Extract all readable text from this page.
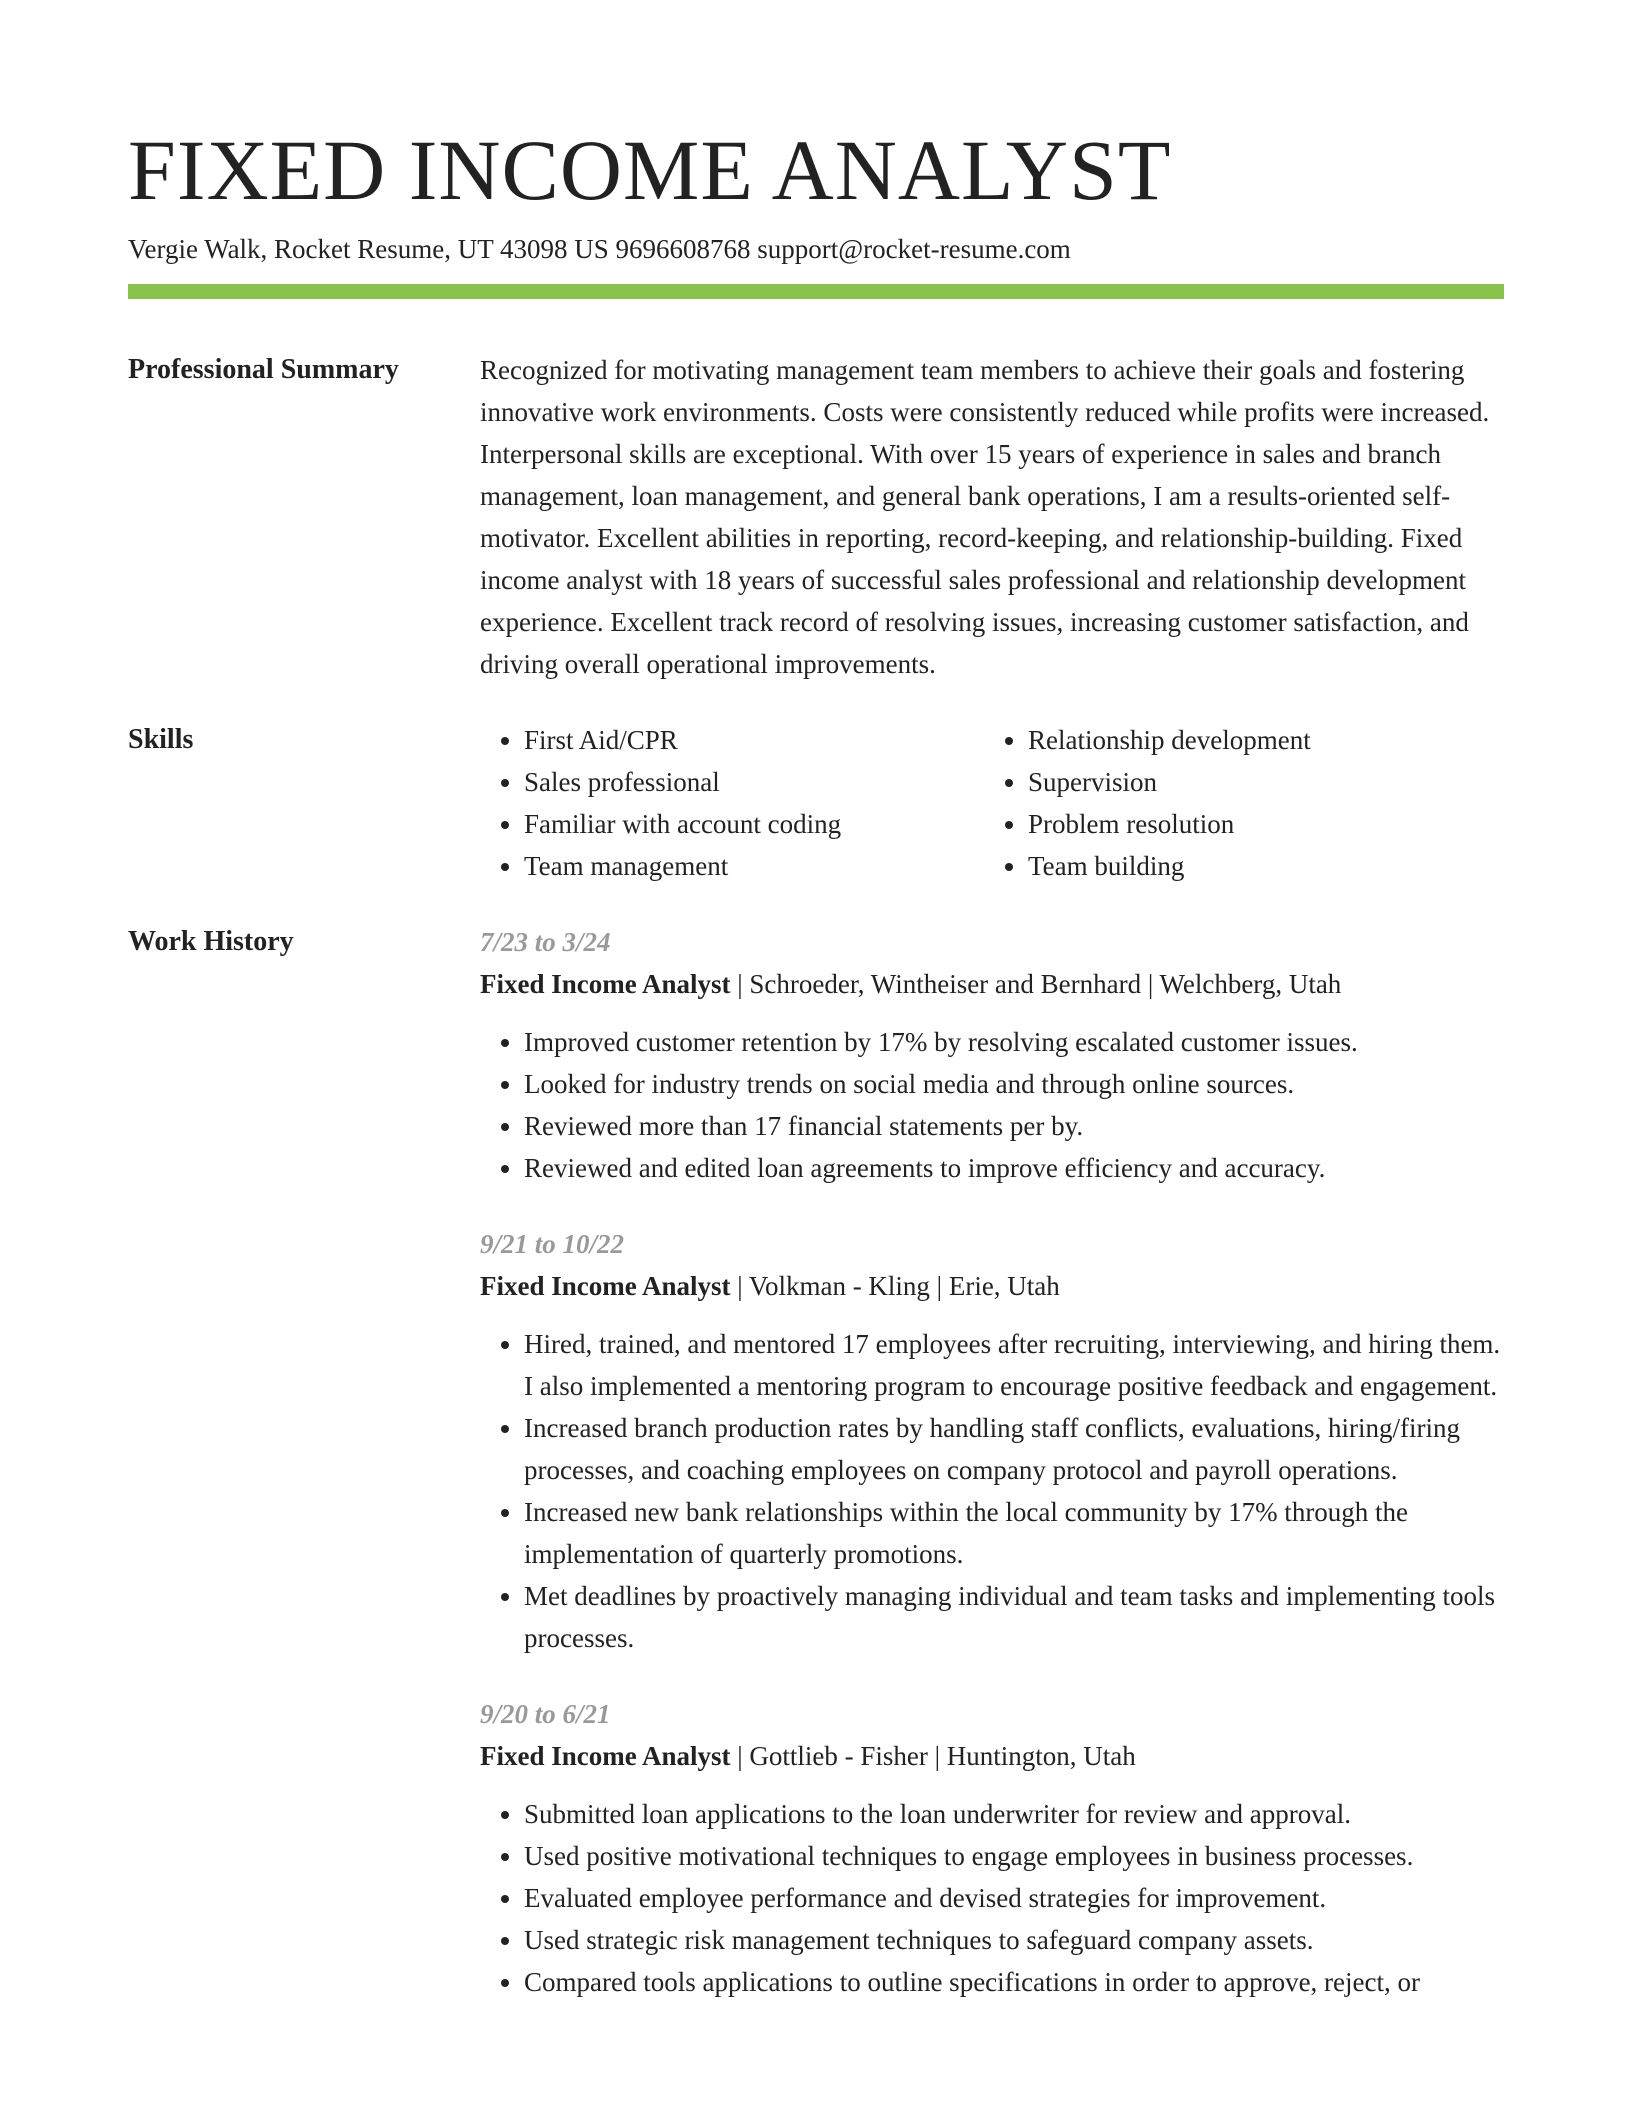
FIXED INCOME ANALYST
Vergie Walk, Rocket Resume, UT 43098 US 9696608768 support@rocket-resume.com
Professional Summary	Recognized for motivating management team members to achieve their goals and fostering innovative work environments. Costs were consistently reduced while profits were increased. Interpersonal skills are exceptional. With over 15 years of experience in sales and branch management, loan management, and general bank operations, I am a results-oriented self-motivator. Excellent abilities in reporting, record-keeping, and relationship-building. Fixed income analyst with 18 years of successful sales professional and relationship development experience. Excellent track record of resolving issues, increasing customer satisfaction, and driving overall operational improvements.

Skills
•	First Aid/CPR
• Sales professional
• Familiar with account coding
• Team management
• Relationship development
• Supervision
• Problem resolution
• Team building
Work History	7/23 to 3/24
Fixed Income Analyst | Schroeder, Wintheiser and Bernhard | Welchberg, Utah
• Improved customer retention by 17% by resolving escalated customer issues.
• Looked for industry trends on social media and through online sources.
• Reviewed more than 17 financial statements per by.
• Reviewed and edited loan agreements to improve efficiency and accuracy.
9/21 to 10/22
Fixed Income Analyst | Volkman - Kling | Erie, Utah
• Hired, trained, and mentored 17 employees after recruiting, interviewing, and hiring them. I also implemented a mentoring program to encourage positive feedback and engagement.
• Increased branch production rates by handling staff conflicts, evaluations, hiring/firing processes, and coaching employees on company protocol and payroll operations.
• Increased new bank relationships within the local community by 17% through the implementation of quarterly promotions.
• Met deadlines by proactively managing individual and team tasks and implementing tools processes.
9/20 to 6/21
Fixed Income Analyst | Gottlieb - Fisher | Huntington, Utah
• Submitted loan applications to the loan underwriter for review and approval.
• Used positive motivational techniques to engage employees in business processes.
• Evaluated employee performance and devised strategies for improvement.
• Used strategic risk management techniques to safeguard company assets.
• Compared tools applications to outline specifications in order to approve, reject, or
